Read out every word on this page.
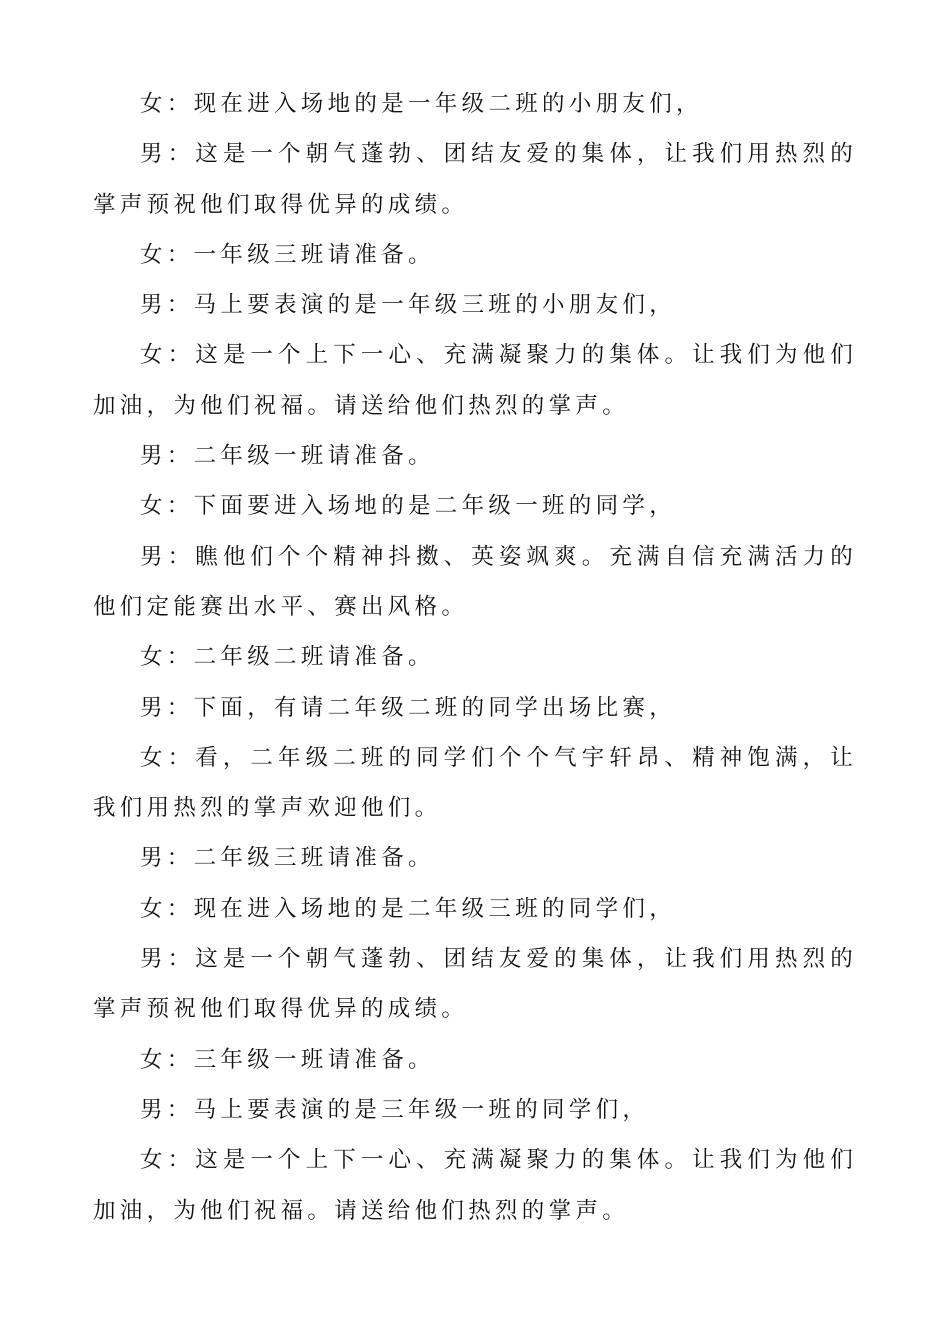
女：现在进入场地的是一年级二班的小朋友们，

男：这是一个朝气蓬勃、团结友爱的集体，让我们用热烈的掌声预祝他们取得优异的成绩。

女：一年级三班请准备。

男：马上要表演的是一年级三班的小朋友们，

女：这是一个上下一心、充满凝聚力的集体。让我们为他们加油，为他们祝福。请送给他们热烈的掌声。

男：二年级一班请准备。

女：下面要进入场地的是二年级一班的同学，

男：瞧他们个个精神抖擞、英姿飒爽。充满自信充满活力的他们定能赛出水平、赛出风格。

女：二年级二班请准备。

男：下面，有请二年级二班的同学出场比赛，

女：看，二年级二班的同学们个个气宇轩昂、精神饱满，让我们用热烈的掌声欢迎他们。

男：二年级三班请准备。

女：现在进入场地的是二年级三班的同学们，

男：这是一个朝气蓬勃、团结友爱的集体，让我们用热烈的掌声预祝他们取得优异的成绩。

女：三年级一班请准备。

男：马上要表演的是三年级一班的同学们，

女：这是一个上下一心、充满凝聚力的集体。让我们为他们加油，为他们祝福。请送给他们热烈的掌声。
